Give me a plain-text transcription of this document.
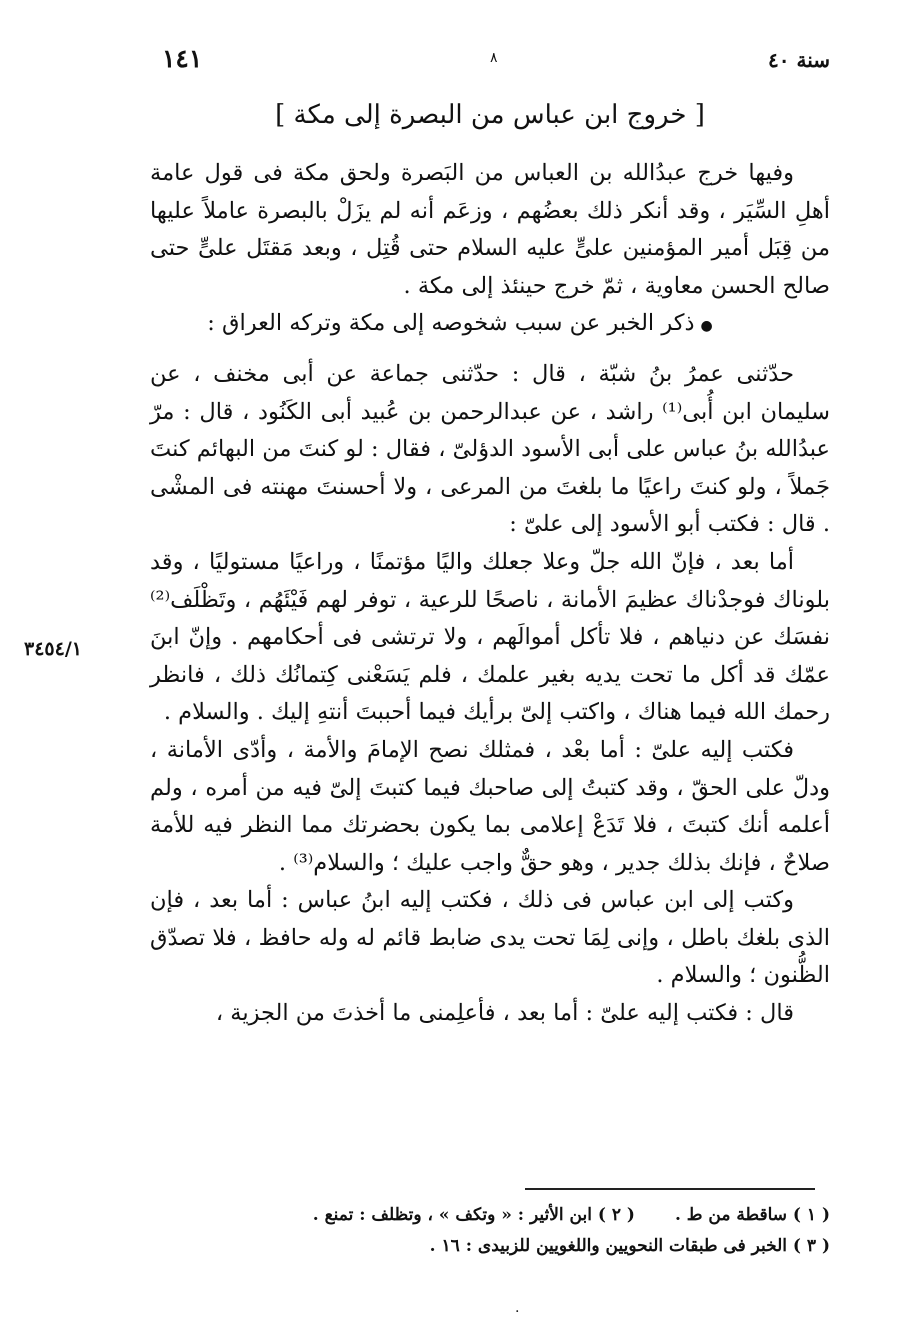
١٤١	٨	سنة ٤٠
[ خروج ابن عباس من البصرة إلى مكة ]

وفيها خرج عبدُالله بن العباس من البَصرة ولحق مكة فى قول عامة أهلِ السِّيَر ، وقد أنكر ذلك بعضُهم ، وزعَم أنه لم يزَلْ بالبصرة عاملاً عليها من قِبَل أمير المؤمنين علىٍّ عليه السلام حتى قُتِل ، وبعد مَقتَل علىٍّ حتى صالح الحسن معاوية ، ثمّ خرج حينئذ إلى مكة .

●ذكر الخبر عن سبب شخوصه إلى مكة وتركه العراق :

حدّثنى عمرُ بنُ شبّة ، قال : حدّثنى جماعة عن أبى مخنف ، عن سليمان ابن أُبى⁽¹⁾ راشد ، عن عبدالرحمن بن عُبيد أبى الكَنُود ، قال : مرّ عبدُالله بنُ عباس على أبى الأسود الدؤلىّ ، فقال : لو كنتَ من البهائم كنتَ جَملاً ، ولو كنتَ راعيًا ما بلغتَ من المرعى ، ولا أحسنتَ مهنته فى المشْى . قال : فكتب أبو الأسود إلى علىّ :

أما بعد ، فإنّ الله جلّ وعلا جعلك واليًا مؤتمنًا ، وراعيًا مستوليًا ، وقد بلوناك فوجدْناك عظيمَ الأمانة ، ناصحًا للرعية ، توفر لهم فَيْئَهُم ، وتَظْلَف⁽²⁾ نفسَك عن دنياهم ، فلا تأكل أموالَهم ، ولا ترتشى فى أحكامهم . وإنّ ابنَ عمّك قد أكل ما تحت يديه بغير علمك ، فلم يَسَعْنى كِتمانُك ذلك ، فانظر رحمك الله فيما هناك ، واكتب إلىّ برأيك فيما أحببتَ أنتهِ إليك . والسلام .

فكتب إليه علىّ : أما بعْد ، فمثلك نصح الإمامَ والأمة ، وأدّى الأمانة ، ودلّ على الحقّ ، وقد كتبتُ إلى صاحبك فيما كتبتَ إلىّ فيه من أمره ، ولم أعلمه أنك كتبتَ ، فلا تَدَعْ إعلامى بما يكون بحضرتك مما النظر فيه للأمة صلاحٌ ، فإنك بذلك جدير ، وهو حقٌّ واجب عليك ؛ والسلام⁽³⁾ .

وكتب إلى ابن عباس فى ذلك ، فكتب إليه ابنُ عباس : أما بعد ، فإن الذى بلغك باطل ، وإنى لِمَا تحت يدى ضابط قائم له وله حافظ ، فلا تصدّق الظُّنون ؛ والسلام .

قال : فكتب إليه علىّ : أما بعد ، فأعلِمنى ما أخذتَ من الجزية ،

٣٤٥٤/١

( ١ ) ساقطة من ط .( ٢ ) ابن الأثير : « وتكف » ، وتظلف : تمنع .

( ٣ ) الخبر فى طبقات النحويين واللغويين للزبيدى : ١٦ .

.
